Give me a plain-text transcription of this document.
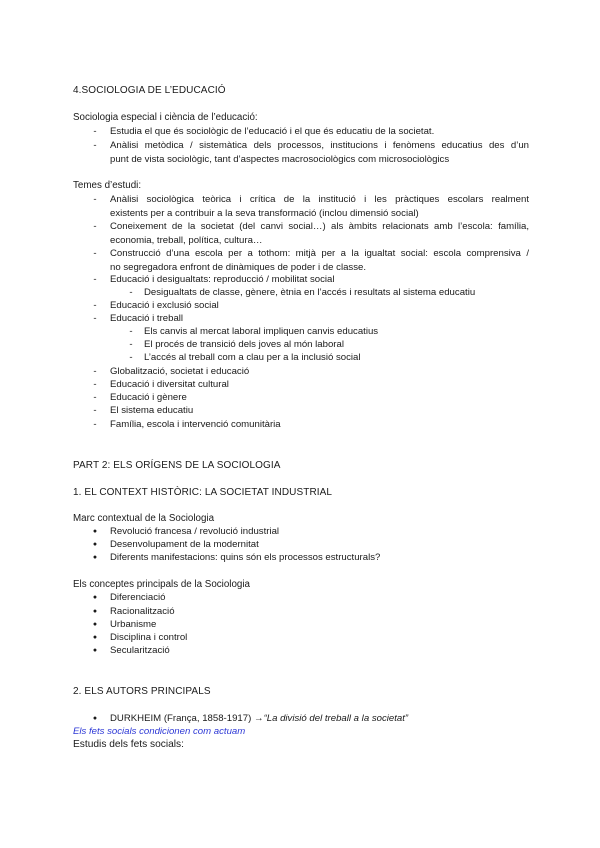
4.SOCIOLOGIA DE L’EDUCACIÓ
Sociologia especial i ciència de l’educació:
-	Estudia el que és sociològic de l’educació i el que és educatiu de la societat.
-	Anàlisi metòdica / sistemàtica dels processos, institucions i fenòmens educatius des d’un
punt de vista sociològic, tant d’aspectes macrosociològics com microsociològics
Temes d’estudi:
-	Anàlisi sociològica teòrica i crítica de la institució i les pràctiques escolars realment
existents per a contribuir a la seva transformació (inclou dimensió social)
-	Coneixement de la societat (del canvi social…) als àmbits relacionats amb l’escola: família,
economia, treball, política, cultura…
-	Construcció d’una escola per a tothom: mitjà per a la igualtat social: escola comprensiva /
no segregadora enfront de dinàmiques de poder i de classe.
-	Educació i desigualtats: reproducció / mobilitat social
-	Desigualtats de classe, gènere, ètnia en l’accés i resultats al sistema educatiu
-	Educació i exclusió social
-	Educació i treball
-	Els canvis al mercat laboral impliquen canvis educatius
-	El procés de transició dels joves al món laboral
-	L’accés al treball com a clau per a la inclusió social
-	Globalització, societat i educació
-	Educació i diversitat cultural
-	Educació i gènere
-	El sistema educatiu
-	Família, escola i intervenció comunitària
PART 2: ELS ORÍGENS DE LA SOCIOLOGIA
1. EL CONTEXT HISTÒRIC: LA SOCIETAT INDUSTRIAL
Marc contextual de la Sociologia
●	Revolució francesa / revolució industrial
●	Desenvolupament de la modernitat
●	Diferents manifestacions: quins són els processos estructurals?
Els conceptes principals de la Sociologia
●	Diferenciació
●	Racionalització
●	Urbanisme
●	Disciplina i control
●	Secularització
2. ELS AUTORS PRINCIPALS
●	DURKHEIM (França, 1858-1917) →“La divisió del treball a la societat”
Els fets socials condicionen com actuam
Estudis dels fets socials:
